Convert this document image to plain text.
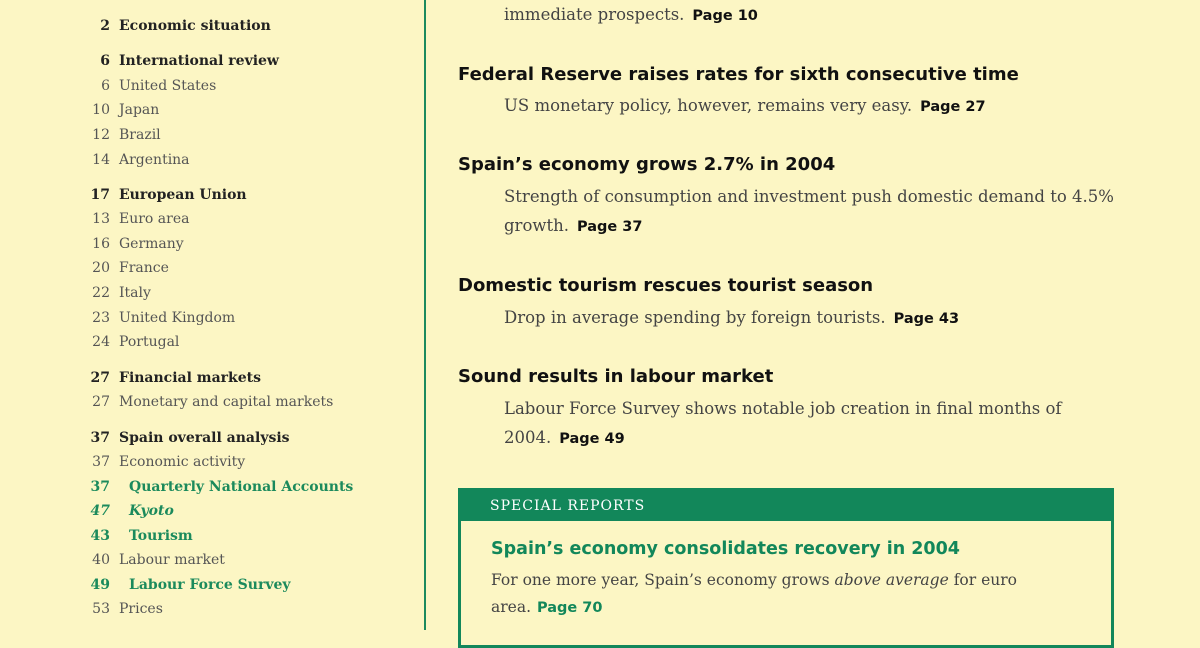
2 Economic situation
6 International review
6 United States
10 Japan
12 Brazil
14 Argentina
17 European Union
13 Euro area
16 Germany
20 France
22 Italy
23 United Kingdom
24 Portugal
27 Financial markets
27 Monetary and capital markets
37 Spain overall analysis
37 Economic activity
37 Quarterly National Accounts
47 Kyoto
43 Tourism
40 Labour market
49 Labour Force Survey
53 Prices
immediate prospects. Page 10
Federal Reserve raises rates for sixth consecutive time
US monetary policy, however, remains very easy. Page 27
Spain’s economy grows 2.7% in 2004
Strength of consumption and investment push domestic demand to 4.5% growth. Page 37
Domestic tourism rescues tourist season
Drop in average spending by foreign tourists. Page 43
Sound results in labour market
Labour Force Survey shows notable job creation in final months of 2004. Page 49
SPECIAL REPORTS
Spain’s economy consolidates recovery in 2004
For one more year, Spain’s economy grows above average for euro area. Page 70
